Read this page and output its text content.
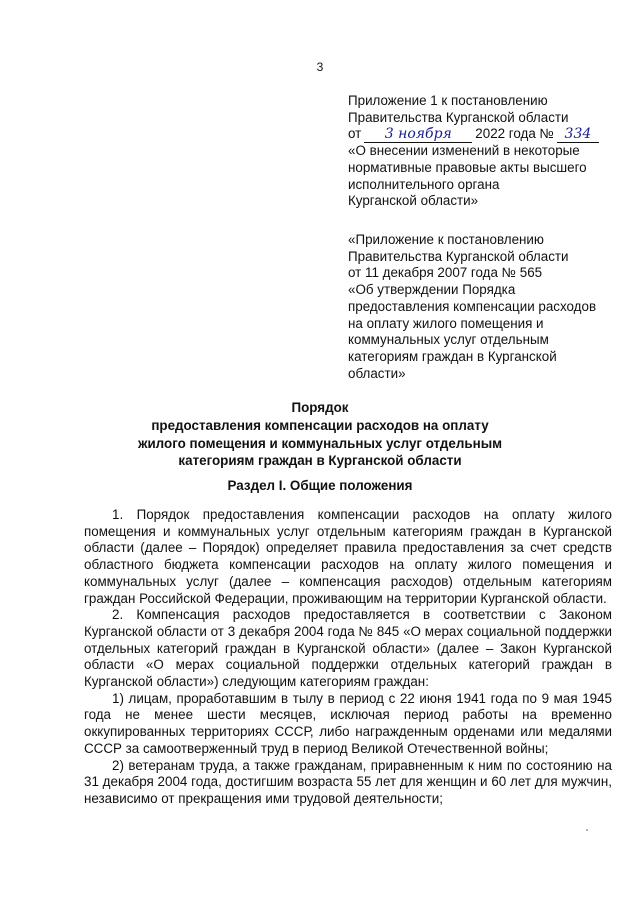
3
Приложение 1 к постановлению
Правительства Курганской области
от	3 ноября	2022 года № 334
«О внесении изменений в некоторые
нормативные правовые акты высшего
исполнительного органа
Курганской области»
«Приложение к постановлению
Правительства Курганской области
от 11 декабря 2007 года № 565
«Об утверждении Порядка
предоставления компенсации расходов
на оплату жилого помещения и
коммунальных услуг отдельным
категориям граждан в Курганской
области»
Порядок
предоставления компенсации расходов на оплату
жилого помещения и коммунальных услуг отдельным
категориям граждан в Курганской области
Раздел I. Общие положения

1. Порядок предоставления компенсации расходов на оплату жилого помещения и коммунальных услуг отдельным категориям граждан в Курганской области (далее – Порядок) определяет правила предоставления за счет средств областного бюджета компенсации расходов на оплату жилого помещения и коммунальных услуг (далее – компенсация расходов) отдельным категориям граждан Российской Федерации, проживающим на территории Курганской области.

2. Компенсация расходов предоставляется в соответствии с Законом Курганской области от 3 декабря 2004 года № 845 «О мерах социальной поддержки отдельных категорий граждан в Курганской области» (далее – Закон Курганской области «О мерах социальной поддержки отдельных категорий граждан в Курганской области») следующим категориям граждан:

1) лицам, проработавшим в тылу в период с 22 июня 1941 года по 9 мая 1945 года не менее шести месяцев, исключая период работы на временно оккупированных территориях СССР, либо награжденным орденами или медалями СССР за самоотверженный труд в период Великой Отечественной войны;

2) ветеранам труда, а также гражданам, приравненным к ним по состоянию на 31 декабря 2004 года, достигшим возраста 55 лет для женщин и 60 лет для мужчин, независимо от прекращения ими трудовой деятельности;
